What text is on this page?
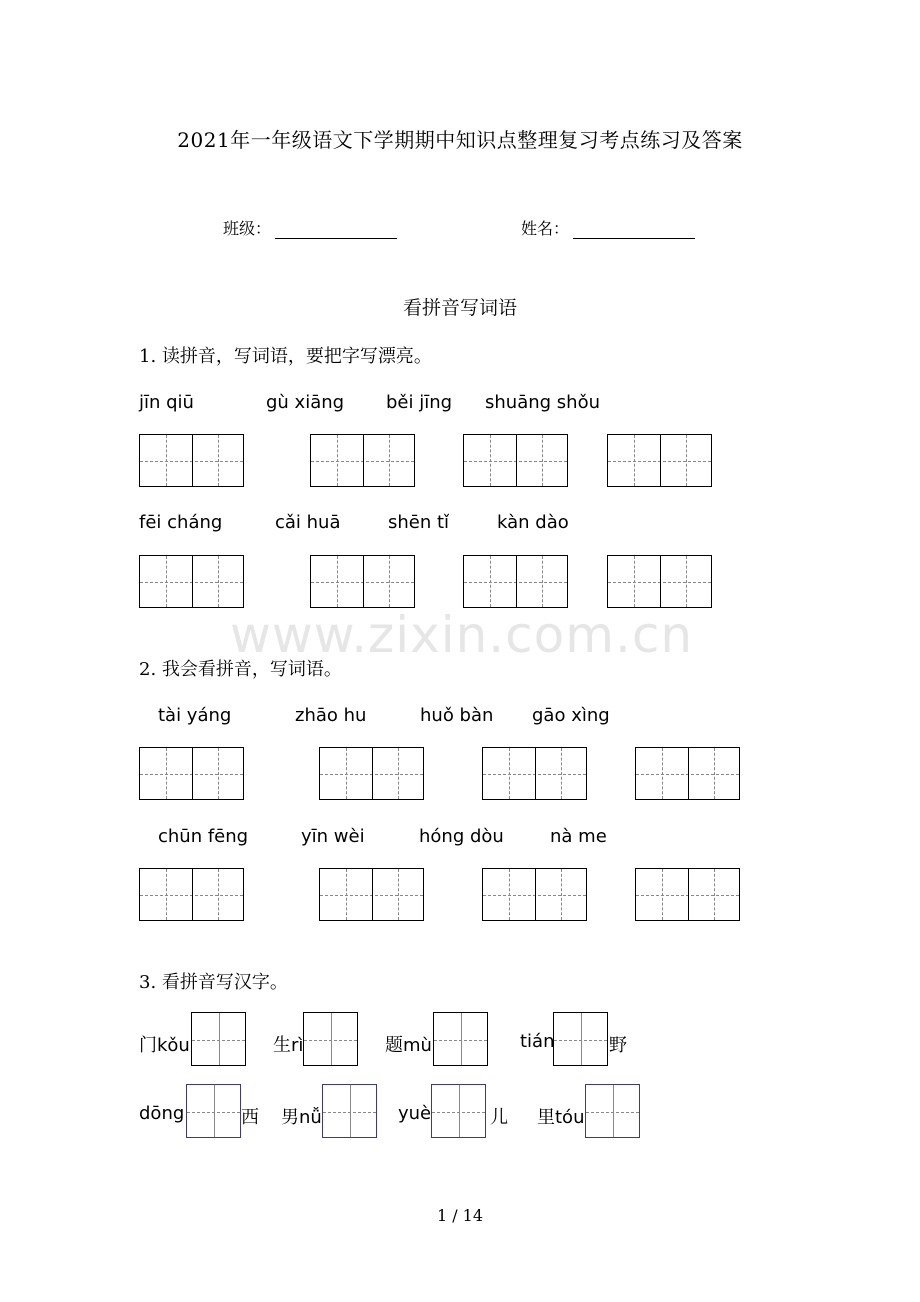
2021年一年级语文下学期期中知识点整理复习考点练习及答案
班级：	姓名：
看拼音写词语
1. 读拼音，写词语，要把字写漂亮。
jīn qiū	gù xiāng běi jīng shuāng shǒu
fēi cháng	cǎi huā	shēn tǐ	kàn dào
www.zixin.com.cn
2. 我会看拼音，写词语。
tài yáng	zhāo hu	huǒ bàn gāo xìng
chūn fēng	yīn wèi	hóng dòu	nà me
3. 看拼音写汉字。
门kǒu	生rì	题mù	tián	野
dōng	西 男nǚ	yuè	儿 里tóu
1 / 14
